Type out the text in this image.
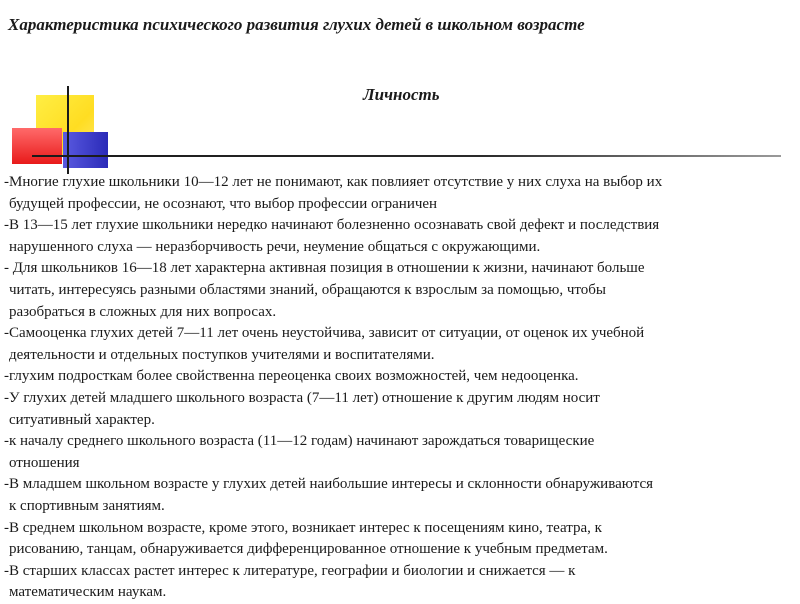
Характеристика психического развития глухих детей в школьном возрасте
Личность
-Многие глухие школьники 10—12 лет не понимают, как повлияет отсутствие у них слуха на выбор их
будущей профессии, не осознают, что выбор профессии ограничен
-В 13—15 лет глухие школьники нередко начинают болезненно осознавать свой дефект и последствия
нарушенного слуха — неразборчивость речи, неумение общаться с окружающими.
- Для школьников 16—18 лет характерна активная позиция в отношении к жизни, начинают больше
читать, интересуясь разными областями знаний, обращаются к взрослым за помощью, чтобы
разобраться в сложных для них вопросах.
-Самооценка глухих детей 7—11 лет очень неустойчива, зависит от ситуации, от оценок их учебной
деятельности и отдельных поступков учителями и воспитателями.
-глухим подросткам более свойственна переоценка своих возможностей, чем недооценка.
-У глухих детей младшего школьного возраста (7—11 лет) отношение к другим людям носит
ситуативный характер.
-к началу среднего школьного возраста (11—12 годам) начинают зарождаться товарищеские
отношения
-В младшем школьном возрасте у глухих детей наибольшие интересы и склонности обнаруживаются
к спортивным занятиям.
-В среднем школьном возрасте, кроме этого, возникает интерес к посещениям кино, театра, к
рисованию, танцам, обнаруживается дифференцированное отношение к учебным предметам.
-В старших классах растет интерес к литературе, географии и биологии и снижается — к
математическим наукам.
